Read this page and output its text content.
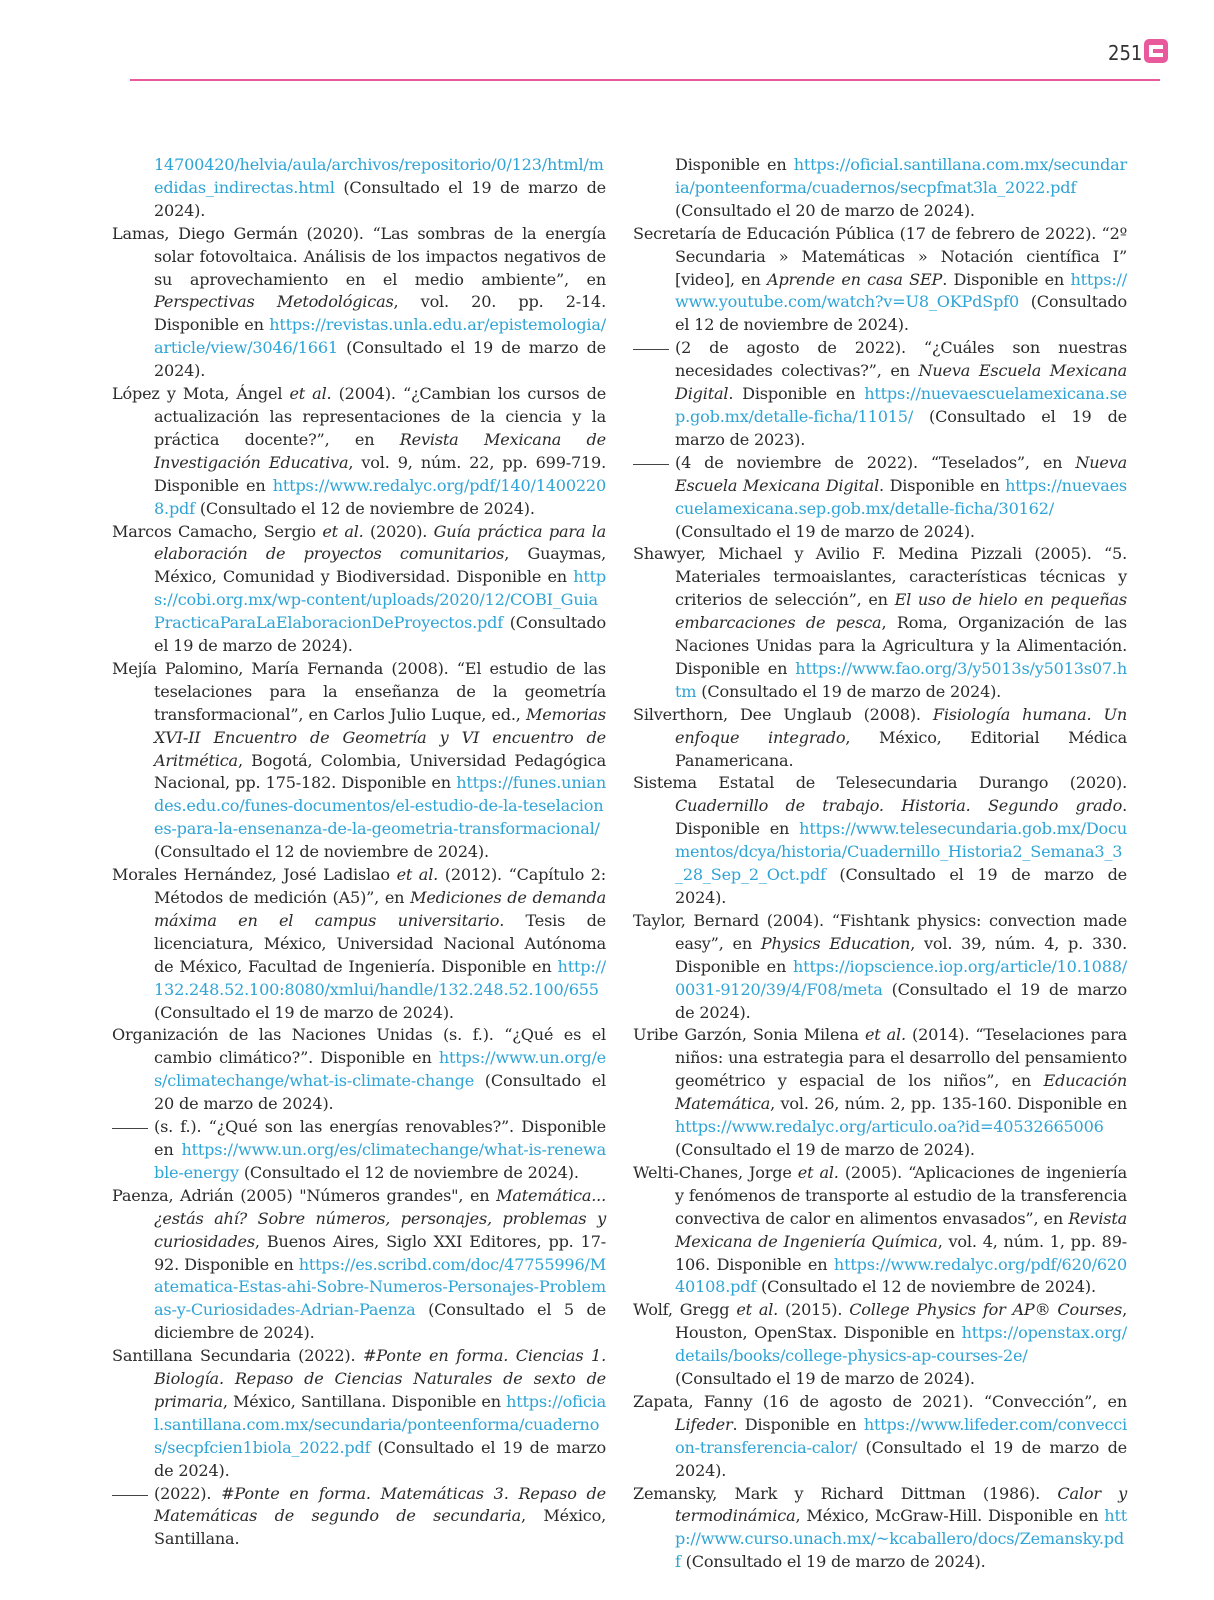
251

14700420/helvia/aula/archivos/repositorio/0/123/html/medidas_indirectas.html (Consultado el 19 de marzo de 2024).

Lamas, Diego Germán (2020). “Las sombras de la energía solar fotovoltaica. Análisis de los impactos negativos de su aprovechamiento en el medio ambiente”, en Perspectivas Metodológicas, vol. 20. pp. 2-14. Disponible en https://revistas.unla.edu.ar/epistemologia/article/view/3046/1661 (Consultado el 19 de marzo de 2024).

López y Mota, Ángel et al. (2004). “¿Cambian los cursos de actualización las representaciones de la ciencia y la práctica docente?”, en Revista Mexicana de Investigación Educativa, vol. 9, núm. 22, pp. 699-719. Disponible en https://www.redalyc.org/pdf/140/14002208.pdf (Consultado el 12 de noviembre de 2024).

Marcos Camacho, Sergio et al. (2020). Guía práctica para la elaboración de proyectos comunitarios, Guaymas, México, Comunidad y Biodiversidad. Disponible en https://cobi.org.mx/wp-content/uploads/2020/12/COBI_GuiaPracticaParaLaElaboracionDeProyectos.pdf (Consultado el 19 de marzo de 2024).

Mejía Palomino, María Fernanda (2008). “El estudio de las teselaciones para la enseñanza de la geometría transformacional”, en Carlos Julio Luque, ed., Memorias XVI-II Encuentro de Geometría y VI encuentro de Aritmética, Bogotá, Colombia, Universidad Pedagógica Nacional, pp. 175-182. Disponible en https://funes.uniandes.edu.co/funes-documentos/el-estudio-de-la-teselaciones-para-la-ensenanza-de-la-geometria-transformacional/ (Consultado el 12 de noviembre de 2024).

Morales Hernández, José Ladislao et al. (2012). “Capítulo 2: Métodos de medición (A5)”, en Mediciones de demanda máxima en el campus universitario. Tesis de licenciatura, México, Universidad Nacional Autónoma de México, Facultad de Ingeniería. Disponible en http://132.248.52.100:8080/xmlui/handle/132.248.52.100/655 (Consultado el 19 de marzo de 2024).

Organización de las Naciones Unidas (s. f.). “¿Qué es el cambio climático?”. Disponible en https://www.un.org/es/climatechange/what-is-climate-change (Consultado el 20 de marzo de 2024).

(s. f.). “¿Qué son las energías renovables?”. Disponible en https://www.un.org/es/climatechange/what-is-renewable-energy (Consultado el 12 de noviembre de 2024).

Paenza, Adrián (2005) "Números grandes", en Matemática... ¿estás ahí? Sobre números, personajes, problemas y curiosidades, Buenos Aires, Siglo XXI Editores, pp. 17-92. Disponible en https://es.scribd.com/doc/47755996/Matematica-Estas-ahi-Sobre-Numeros-Personajes-Problemas-y-Curiosidades-Adrian-Paenza (Consultado el 5 de diciembre de 2024).

Santillana Secundaria (2022). #Ponte en forma. Ciencias 1. Biología. Repaso de Ciencias Naturales de sexto de primaria, México, Santillana. Disponible en https://oficial.santillana.com.mx/secundaria/ponteenforma/cuadernos/secpfcien1biola_2022.pdf (Consultado el 19 de marzo de 2024).

(2022). #Ponte en forma. Matemáticas 3. Repaso de Matemáticas de segundo de secundaria, México, Santillana.

Disponible en https://oficial.santillana.com.mx/secundaria/ponteenforma/cuadernos/secpfmat3la_2022.pdf (Consultado el 20 de marzo de 2024).

Secretaría de Educación Pública (17 de febrero de 2022). “2º Secundaria » Matemáticas » Notación científica I” [video], en Aprende en casa SEP. Disponible en https://www.youtube.com/watch?v=U8_OKPdSpf0 (Consultado el 12 de noviembre de 2024).

(2 de agosto de 2022). “¿Cuáles son nuestras necesidades colectivas?”, en Nueva Escuela Mexicana Digital. Disponible en https://nuevaescuelamexicana.sep.gob.mx/detalle-ficha/11015/ (Consultado el 19 de marzo de 2023).

(4 de noviembre de 2022). “Teselados”, en Nueva Escuela Mexicana Digital. Disponible en https://nuevaescuelamexicana.sep.gob.mx/detalle-ficha/30162/ (Consultado el 19 de marzo de 2024).

Shawyer, Michael y Avilio F. Medina Pizzali (2005). “5. Materiales termoaislantes, características técnicas y criterios de selección”, en El uso de hielo en pequeñas embarcaciones de pesca, Roma, Organización de las Naciones Unidas para la Agricultura y la Alimentación. Disponible en https://www.fao.org/3/y5013s/y5013s07.htm (Consultado el 19 de marzo de 2024).

Silverthorn, Dee Unglaub (2008). Fisiología humana. Un enfoque integrado, México, Editorial Médica Panamericana.

Sistema Estatal de Telesecundaria Durango (2020). Cuadernillo de trabajo. Historia. Segundo grado. Disponible en https://www.telesecundaria.gob.mx/Documentos/dcya/historia/Cuadernillo_Historia2_Semana3_3_28_Sep_2_Oct.pdf (Consultado el 19 de marzo de 2024).

Taylor, Bernard (2004). “Fishtank physics: convection made easy”, en Physics Education, vol. 39, núm. 4, p. 330. Disponible en https://iopscience.iop.org/article/10.1088/0031-9120/39/4/F08/meta (Consultado el 19 de marzo de 2024).

Uribe Garzón, Sonia Milena et al. (2014). “Teselaciones para niños: una estrategia para el desarrollo del pensamiento geométrico y espacial de los niños”, en Educación Matemática, vol. 26, núm. 2, pp. 135-160. Disponible en https://www.redalyc.org/articulo.oa?id=40532665006 (Consultado el 19 de marzo de 2024).

Welti-Chanes, Jorge et al. (2005). “Aplicaciones de ingeniería y fenómenos de transporte al estudio de la transferencia convectiva de calor en alimentos envasados”, en Revista Mexicana de Ingeniería Química, vol. 4, núm. 1, pp. 89-106. Disponible en https://www.redalyc.org/pdf/620/62040108.pdf (Consultado el 12 de noviembre de 2024).

Wolf, Gregg et al. (2015). College Physics for AP® Courses, Houston, OpenStax. Disponible en https://openstax.org/details/books/college-physics-ap-courses-2e/ (Consultado el 19 de marzo de 2024).

Zapata, Fanny (16 de agosto de 2021). “Convección”, en Lifeder. Disponible en https://www.lifeder.com/conveccion-transferencia-calor/ (Consultado el 19 de marzo de 2024).

Zemansky, Mark y Richard Dittman (1986). Calor y termodinámica, México, McGraw-Hill. Disponible en http://www.curso.unach.mx/~kcaballero/docs/Zemansky.pdf (Consultado el 19 de marzo de 2024).
